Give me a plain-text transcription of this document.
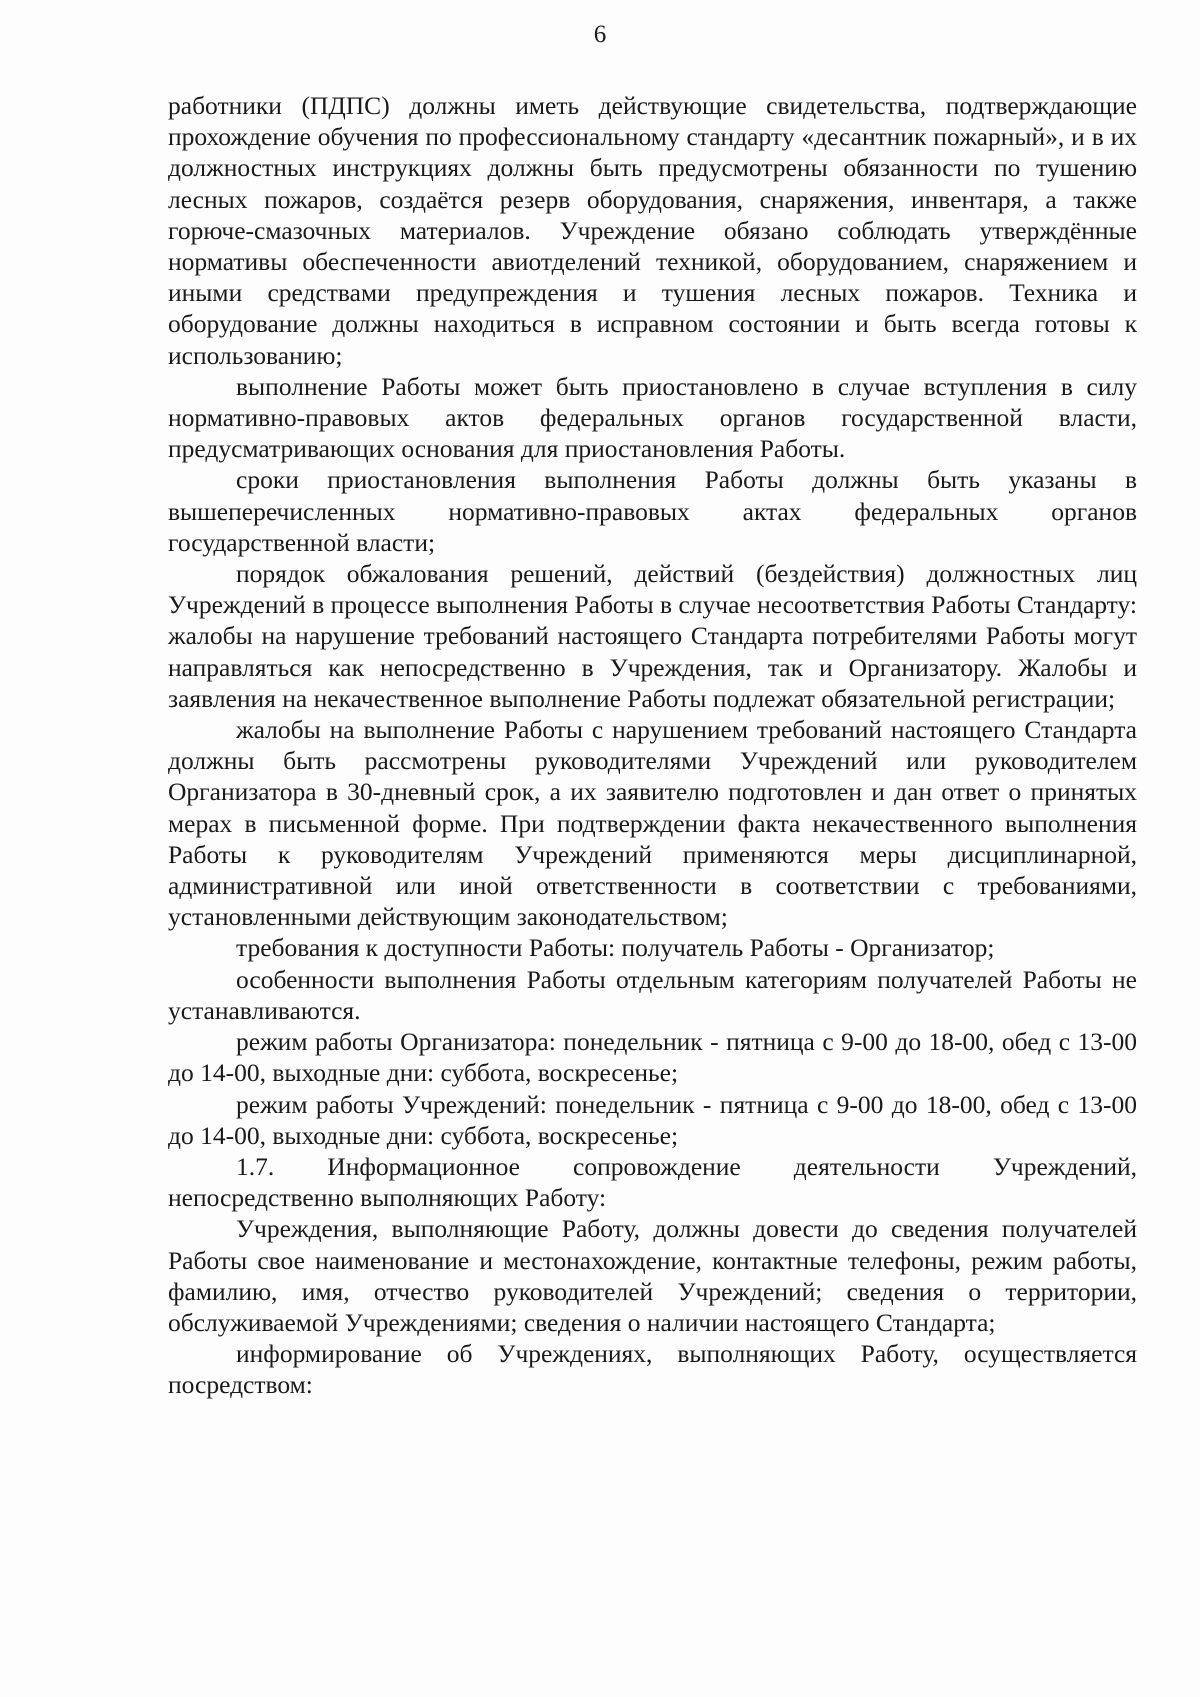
6

работники (ПДПС) должны иметь действующие свидетельства, подтверждающие прохождение обучения по профессиональному стандарту «десантник пожарный», и в их должностных инструкциях должны быть предусмотрены обязанности по тушению лесных пожаров, создаётся резерв оборудования, снаряжения, инвентаря, а также горюче-смазочных материалов. Учреждение обязано соблюдать утверждённые нормативы обеспеченности авиотделений техникой, оборудованием, снаряжением и иными средствами предупреждения и тушения лесных пожаров. Техника и оборудование должны находиться в исправном состоянии и быть всегда готовы к использованию;

выполнение Работы может быть приостановлено в случае вступления в силу нормативно-правовых актов федеральных органов государственной власти, предусматривающих основания для приостановления Работы.

сроки приостановления выполнения Работы должны быть указаны в вышеперечисленных нормативно-правовых актах федеральных органов государственной власти;

порядок обжалования решений, действий (бездействия) должностных лиц Учреждений в процессе выполнения Работы в случае несоответствия Работы Стандарту: жалобы на нарушение требований настоящего Стандарта потребителями Работы могут направляться как непосредственно в Учреждения, так и Организатору. Жалобы и заявления на некачественное выполнение Работы подлежат обязательной регистрации;

жалобы на выполнение Работы с нарушением требований настоящего Стандарта должны быть рассмотрены руководителями Учреждений или руководителем Организатора в 30-дневный срок, а их заявителю подготовлен и дан ответ о принятых мерах в письменной форме. При подтверждении факта некачественного выполнения Работы к руководителям Учреждений применяются меры дисциплинарной, административной или иной ответственности в соответствии с требованиями, установленными действующим законодательством;

требования к доступности Работы: получатель Работы - Организатор;

особенности выполнения Работы отдельным категориям получателей Работы не устанавливаются.

режим работы Организатора: понедельник - пятница с 9-00 до 18-00, обед с 13-00 до 14-00, выходные дни: суббота, воскресенье;

режим работы Учреждений: понедельник - пятница с 9-00 до 18-00, обед с 13-00 до 14-00, выходные дни: суббота, воскресенье;

1.7. Информационное сопровождение деятельности Учреждений, непосредственно выполняющих Работу:

Учреждения, выполняющие Работу, должны довести до сведения получателей Работы свое наименование и местонахождение, контактные телефоны, режим работы, фамилию, имя, отчество руководителей Учреждений; сведения о территории, обслуживаемой Учреждениями; сведения о наличии настоящего Стандарта;

информирование об Учреждениях, выполняющих Работу, осуществляется посредством:
